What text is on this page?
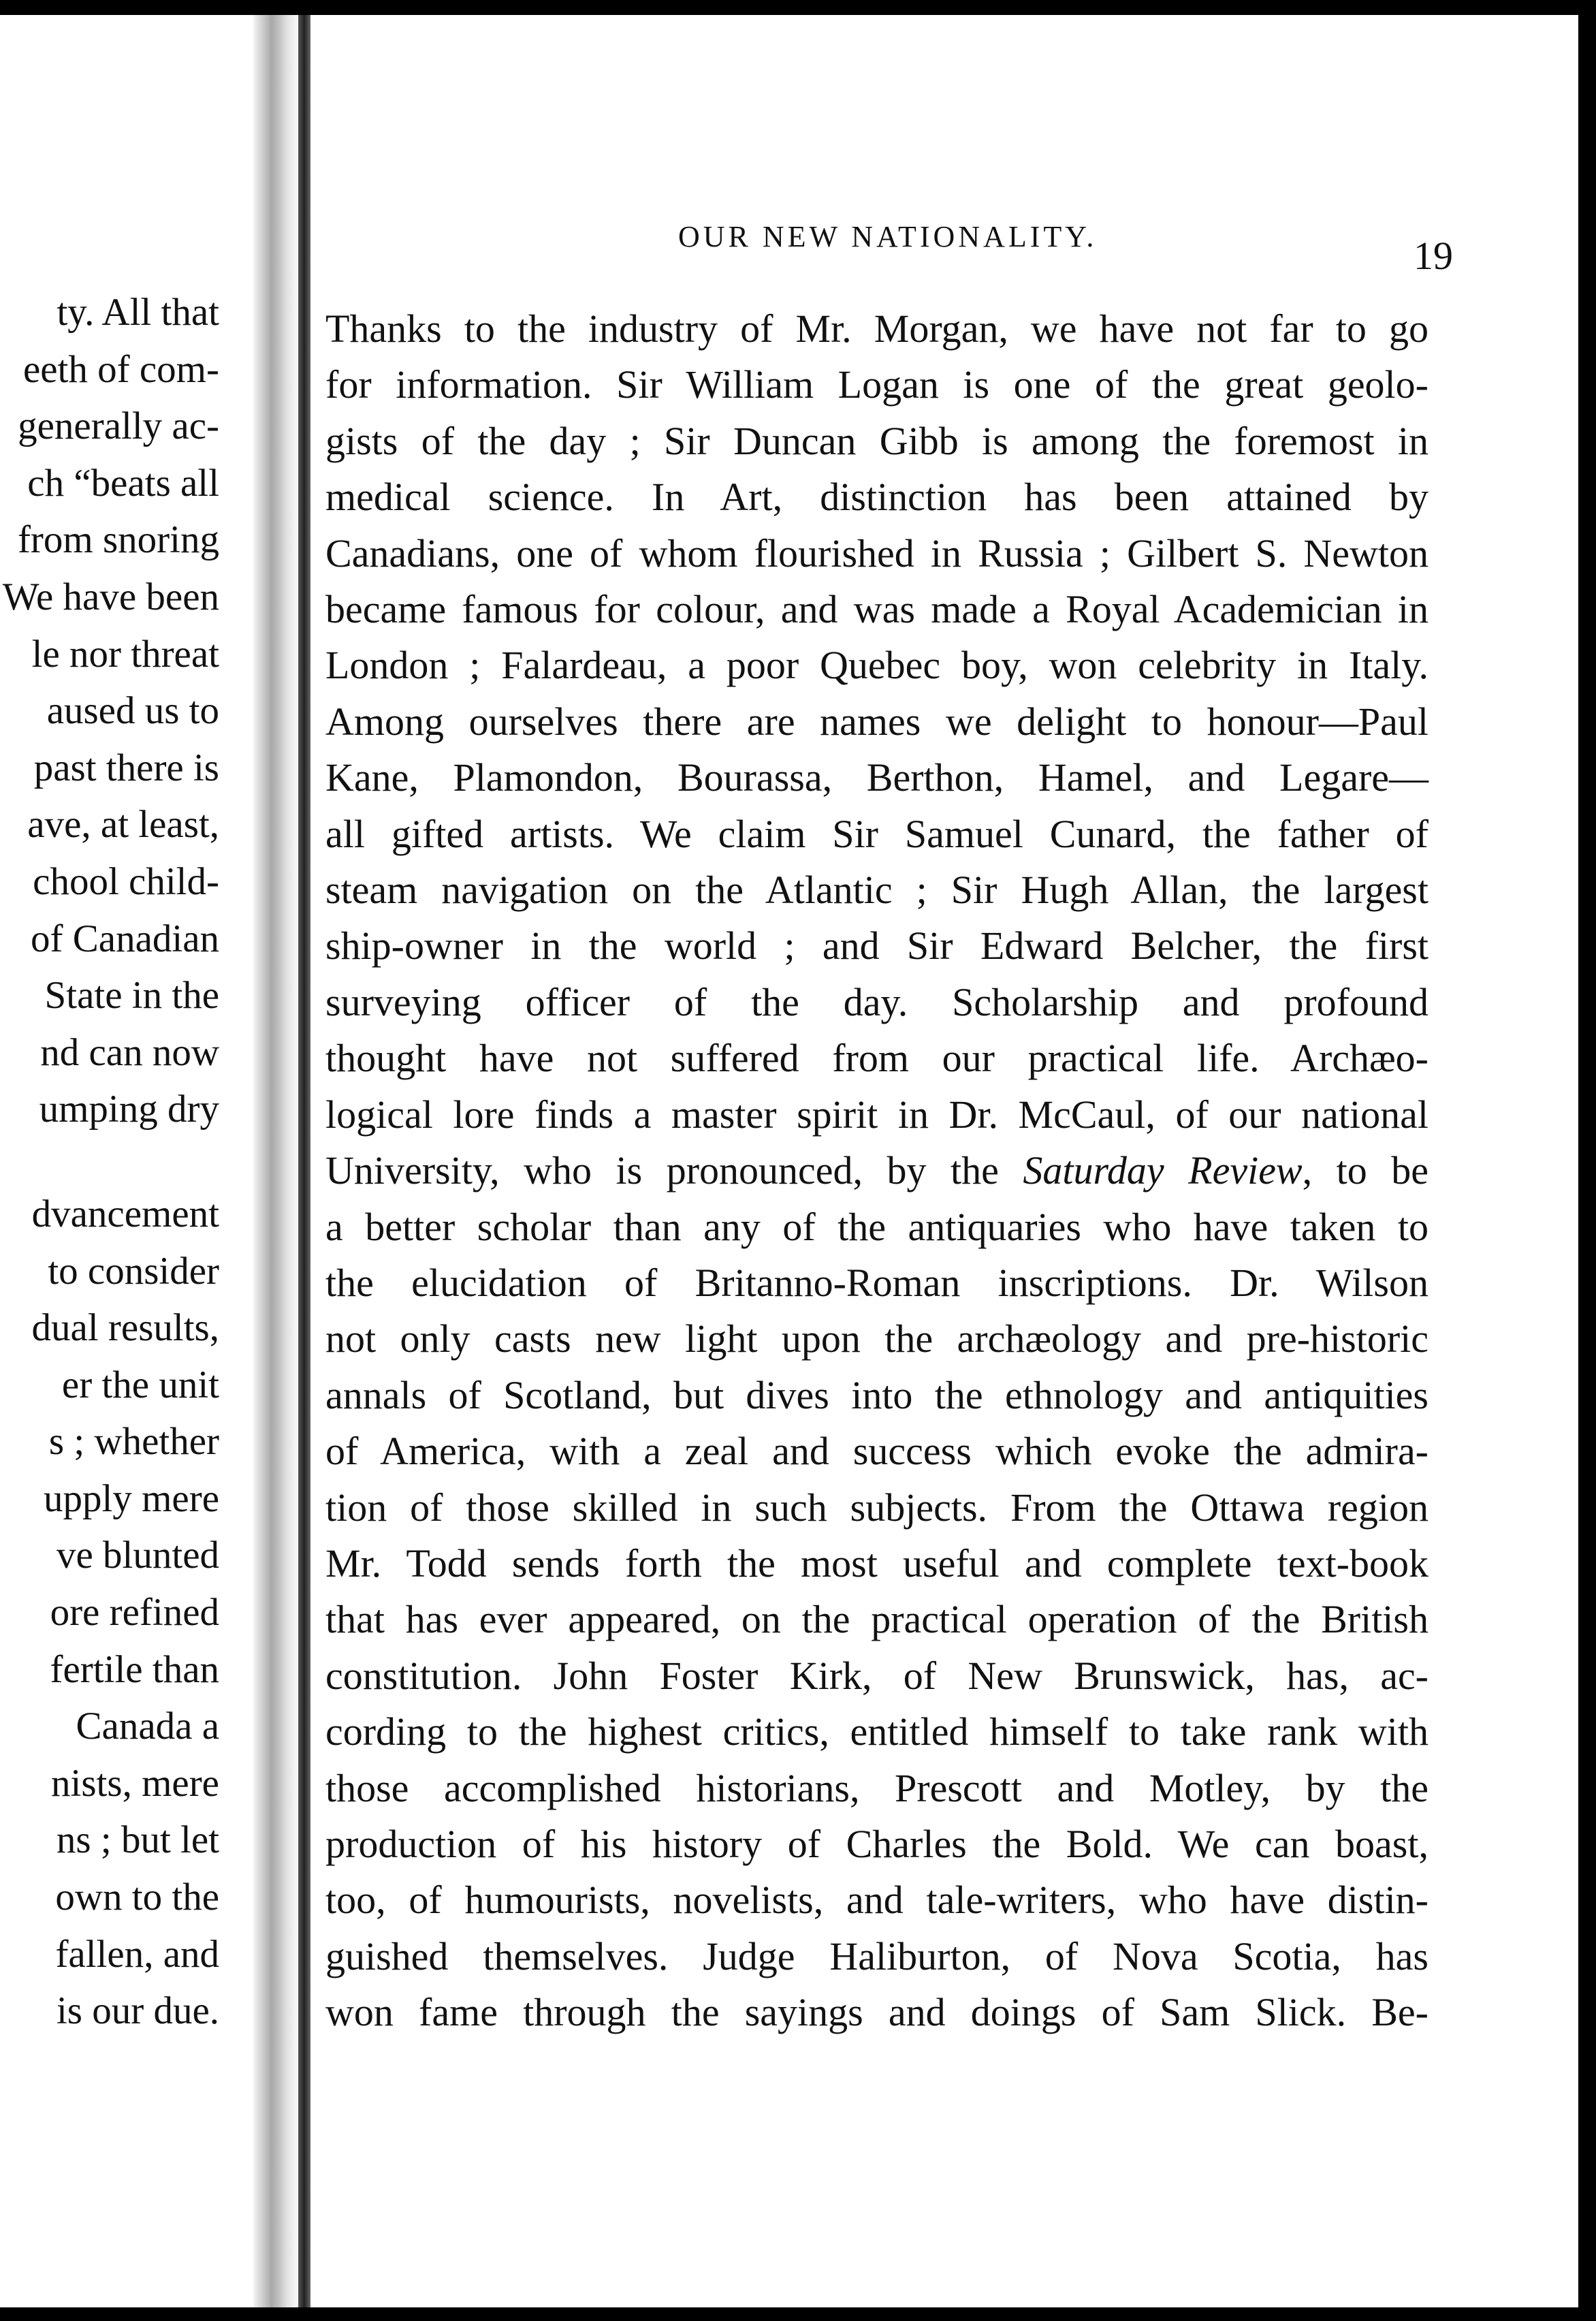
ty. All that
eeth of com-
generally ac-
ch “beats all
from snoring
We have been
le nor threat
aused us to
past there is
ave, at least,
chool child-
of Canadian
State in the
nd can now
umping dry
dvancement
to consider
dual results,
er the unit
s ; whether
upply mere
ve blunted
ore refined
fertile than
Canada a
nists, mere
ns ; but let
own to the
fallen, and
is our due.
OUR NEW NATIONALITY.	19
Thanks to the industry of Mr. Morgan, we have not far to go
for information. Sir William Logan is one of the great geolo-
gists of the day ; Sir Duncan Gibb is among the foremost in
medical science. In Art, distinction has been attained by
Canadians, one of whom flourished in Russia ; Gilbert S. Newton
became famous for colour, and was made a Royal Academician in
London ; Falardeau, a poor Quebec boy, won celebrity in Italy.
Among ourselves there are names we delight to honour—Paul
Kane, Plamondon, Bourassa, Berthon, Hamel, and Legare—
all gifted artists. We claim Sir Samuel Cunard, the father of
steam navigation on the Atlantic ; Sir Hugh Allan, the largest
ship-owner in the world ; and Sir Edward Belcher, the first
surveying officer of the day. Scholarship and profound
thought have not suffered from our practical life. Archæo-
logical lore finds a master spirit in Dr. McCaul, of our national
University, who is pronounced, by the Saturday Review, to be
a better scholar than any of the antiquaries who have taken to
the elucidation of Britanno-Roman inscriptions. Dr. Wilson
not only casts new light upon the archæology and pre-historic
annals of Scotland, but dives into the ethnology and antiquities
of America, with a zeal and success which evoke the admira-
tion of those skilled in such subjects. From the Ottawa region
Mr. Todd sends forth the most useful and complete text-book
that has ever appeared, on the practical operation of the British
constitution. John Foster Kirk, of New Brunswick, has, ac-
cording to the highest critics, entitled himself to take rank with
those accomplished historians, Prescott and Motley, by the
production of his history of Charles the Bold. We can boast,
too, of humourists, novelists, and tale-writers, who have distin-
guished themselves. Judge Haliburton, of Nova Scotia, has
won fame through the sayings and doings of Sam Slick. Be-
